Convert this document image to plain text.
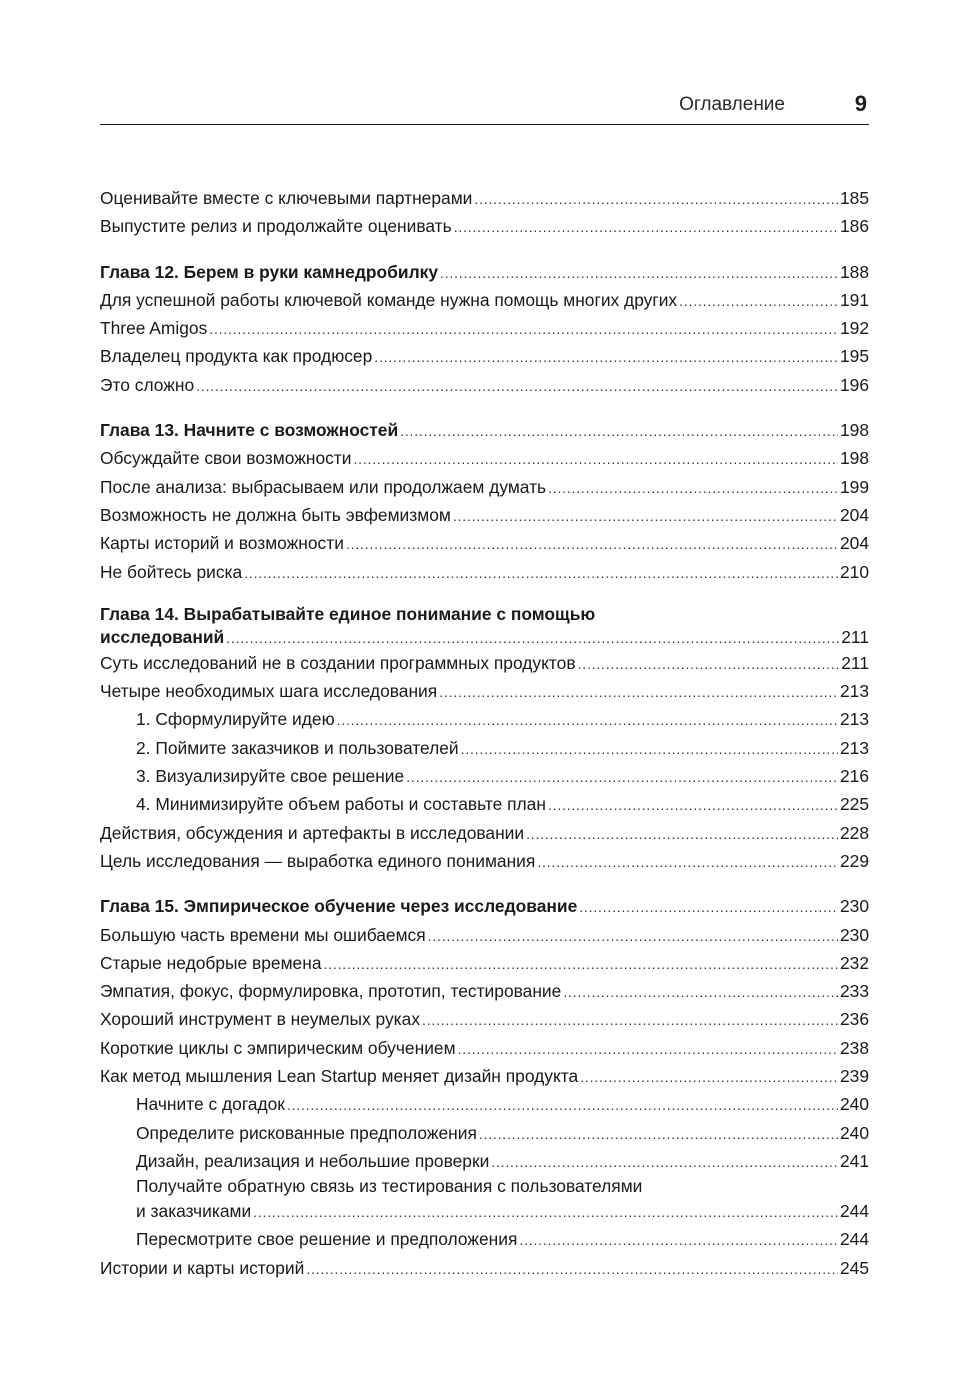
Оглавление	9
Оценивайте вместе с ключевыми партнерами .....	185
Выпустите релиз и продолжайте оценивать .....	186
Глава 12. Берем в руки камнедробилку .....	188
Для успешной работы ключевой команде нужна помощь многих других .....	191
Three Amigos .....	192
Владелец продукта как продюсер .....	195
Это сложно .....	196
Глава 13. Начните с возможностей .....	198
Обсуждайте свои возможности .....	198
После анализа: выбрасываем или продолжаем думать .....	199
Возможность не должна быть эвфемизмом .....	204
Карты историй и возможности .....	204
Не бойтесь риска .....	210
Глава 14. Вырабатывайте единое понимание с помощью
исследований .....	211
Суть исследований не в создании программных продуктов .....	211
Четыре необходимых шага исследования .....	213
1. Сформулируйте идею .....	213
2. Поймите заказчиков и пользователей .....	213
3. Визуализируйте свое решение .....	216
4. Минимизируйте объем работы и составьте план .....	225
Действия, обсуждения и артефакты в исследовании .....	228
Цель исследования — выработка единого понимания .....	229
Глава 15. Эмпирическое обучение через исследование .....	230
Большую часть времени мы ошибаемся .....	230
Старые недобрые времена .....	232
Эмпатия, фокус, формулировка, прототип, тестирование .....	233
Хороший инструмент в неумелых руках .....	236
Короткие циклы с эмпирическим обучением .....	238
Как метод мышления Lean Startup меняет дизайн продукта .....	239
Начните с догадок .....	240
Определите рискованные предположения .....	240
Дизайн, реализация и небольшие проверки .....	241
Получайте обратную связь из тестирования с пользователями
и заказчиками .....	244
Пересмотрите свое решение и предположения .....	244
Истории и карты историй .....	245
